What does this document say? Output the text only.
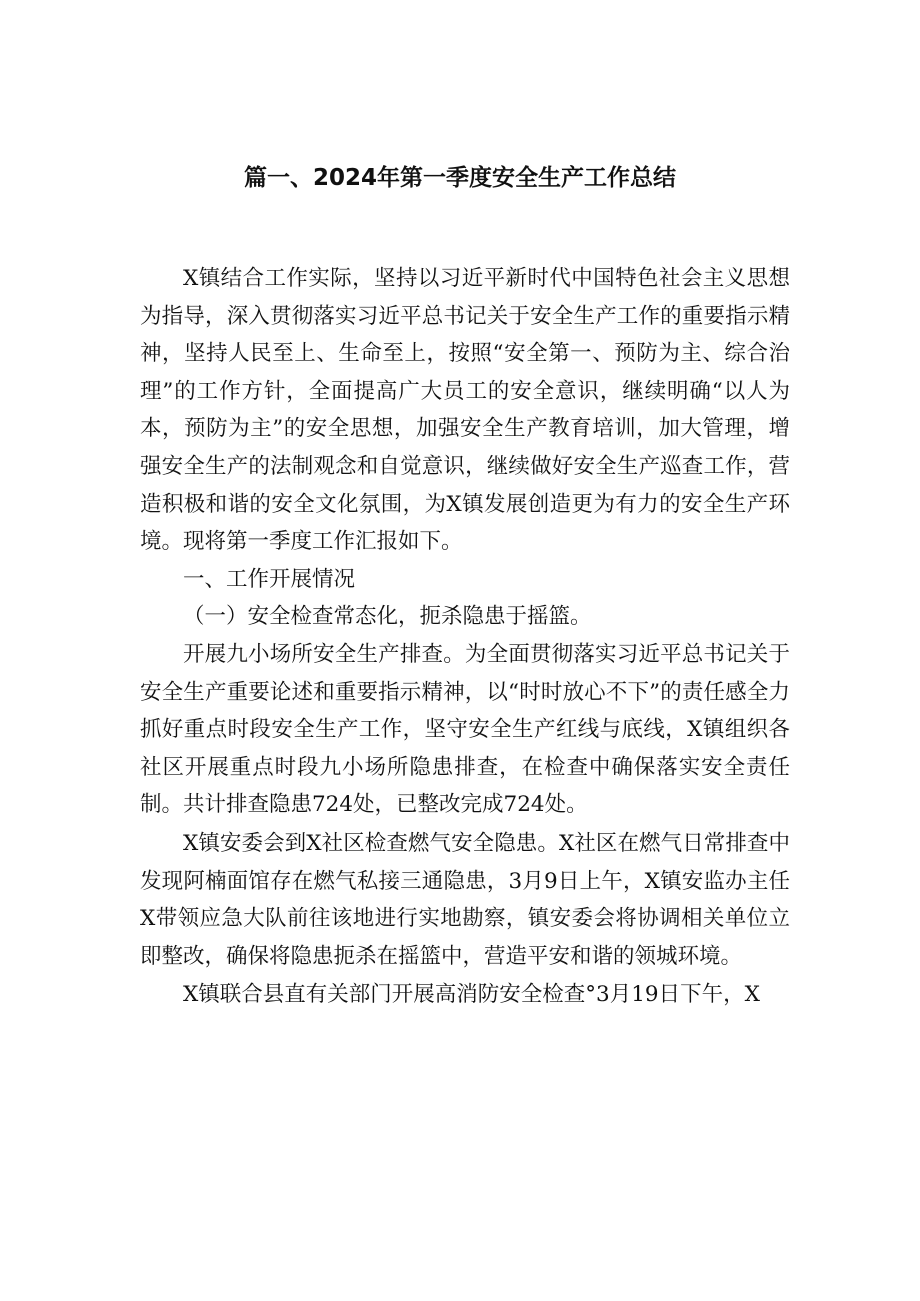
篇一、2024年第一季度安全生产工作总结

X镇结合工作实际，坚持以习近平新时代中国特色社会主义思想为指导，深入贯彻落实习近平总书记关于安全生产工作的重要指示精神，坚持人民至上、生命至上，按照“安全第一、预防为主、综合治理”的工作方针，全面提高广大员工的安全意识，继续明确“以人为本，预防为主”的安全思想，加强安全生产教育培训，加大管理，增强安全生产的法制观念和自觉意识，继续做好安全生产巡查工作，营造积极和谐的安全文化氛围，为X镇发展创造更为有力的安全生产环境。现将第一季度工作汇报如下。

一、工作开展情况

（一）安全检查常态化，扼杀隐患于摇篮。

开展九小场所安全生产排查。为全面贯彻落实习近平总书记关于安全生产重要论述和重要指示精神，以“时时放心不下”的责任感全力抓好重点时段安全生产工作，坚守安全生产红线与底线，X镇组织各社区开展重点时段九小场所隐患排查，在检查中确保落实安全责任制。共计排查隐患724处，已整改完成724处。

X镇安委会到X社区检查燃气安全隐患。X社区在燃气日常排查中发现阿楠面馆存在燃气私接三通隐患，3月9日上午，X镇安监办主任X带领应急大队前往该地进行实地勘察，镇安委会将协调相关单位立即整改，确保将隐患扼杀在摇篮中，营造平安和谐的领城环境。

X镇联合县直有关部门开展高消防安全检查°3月19日下午，X
